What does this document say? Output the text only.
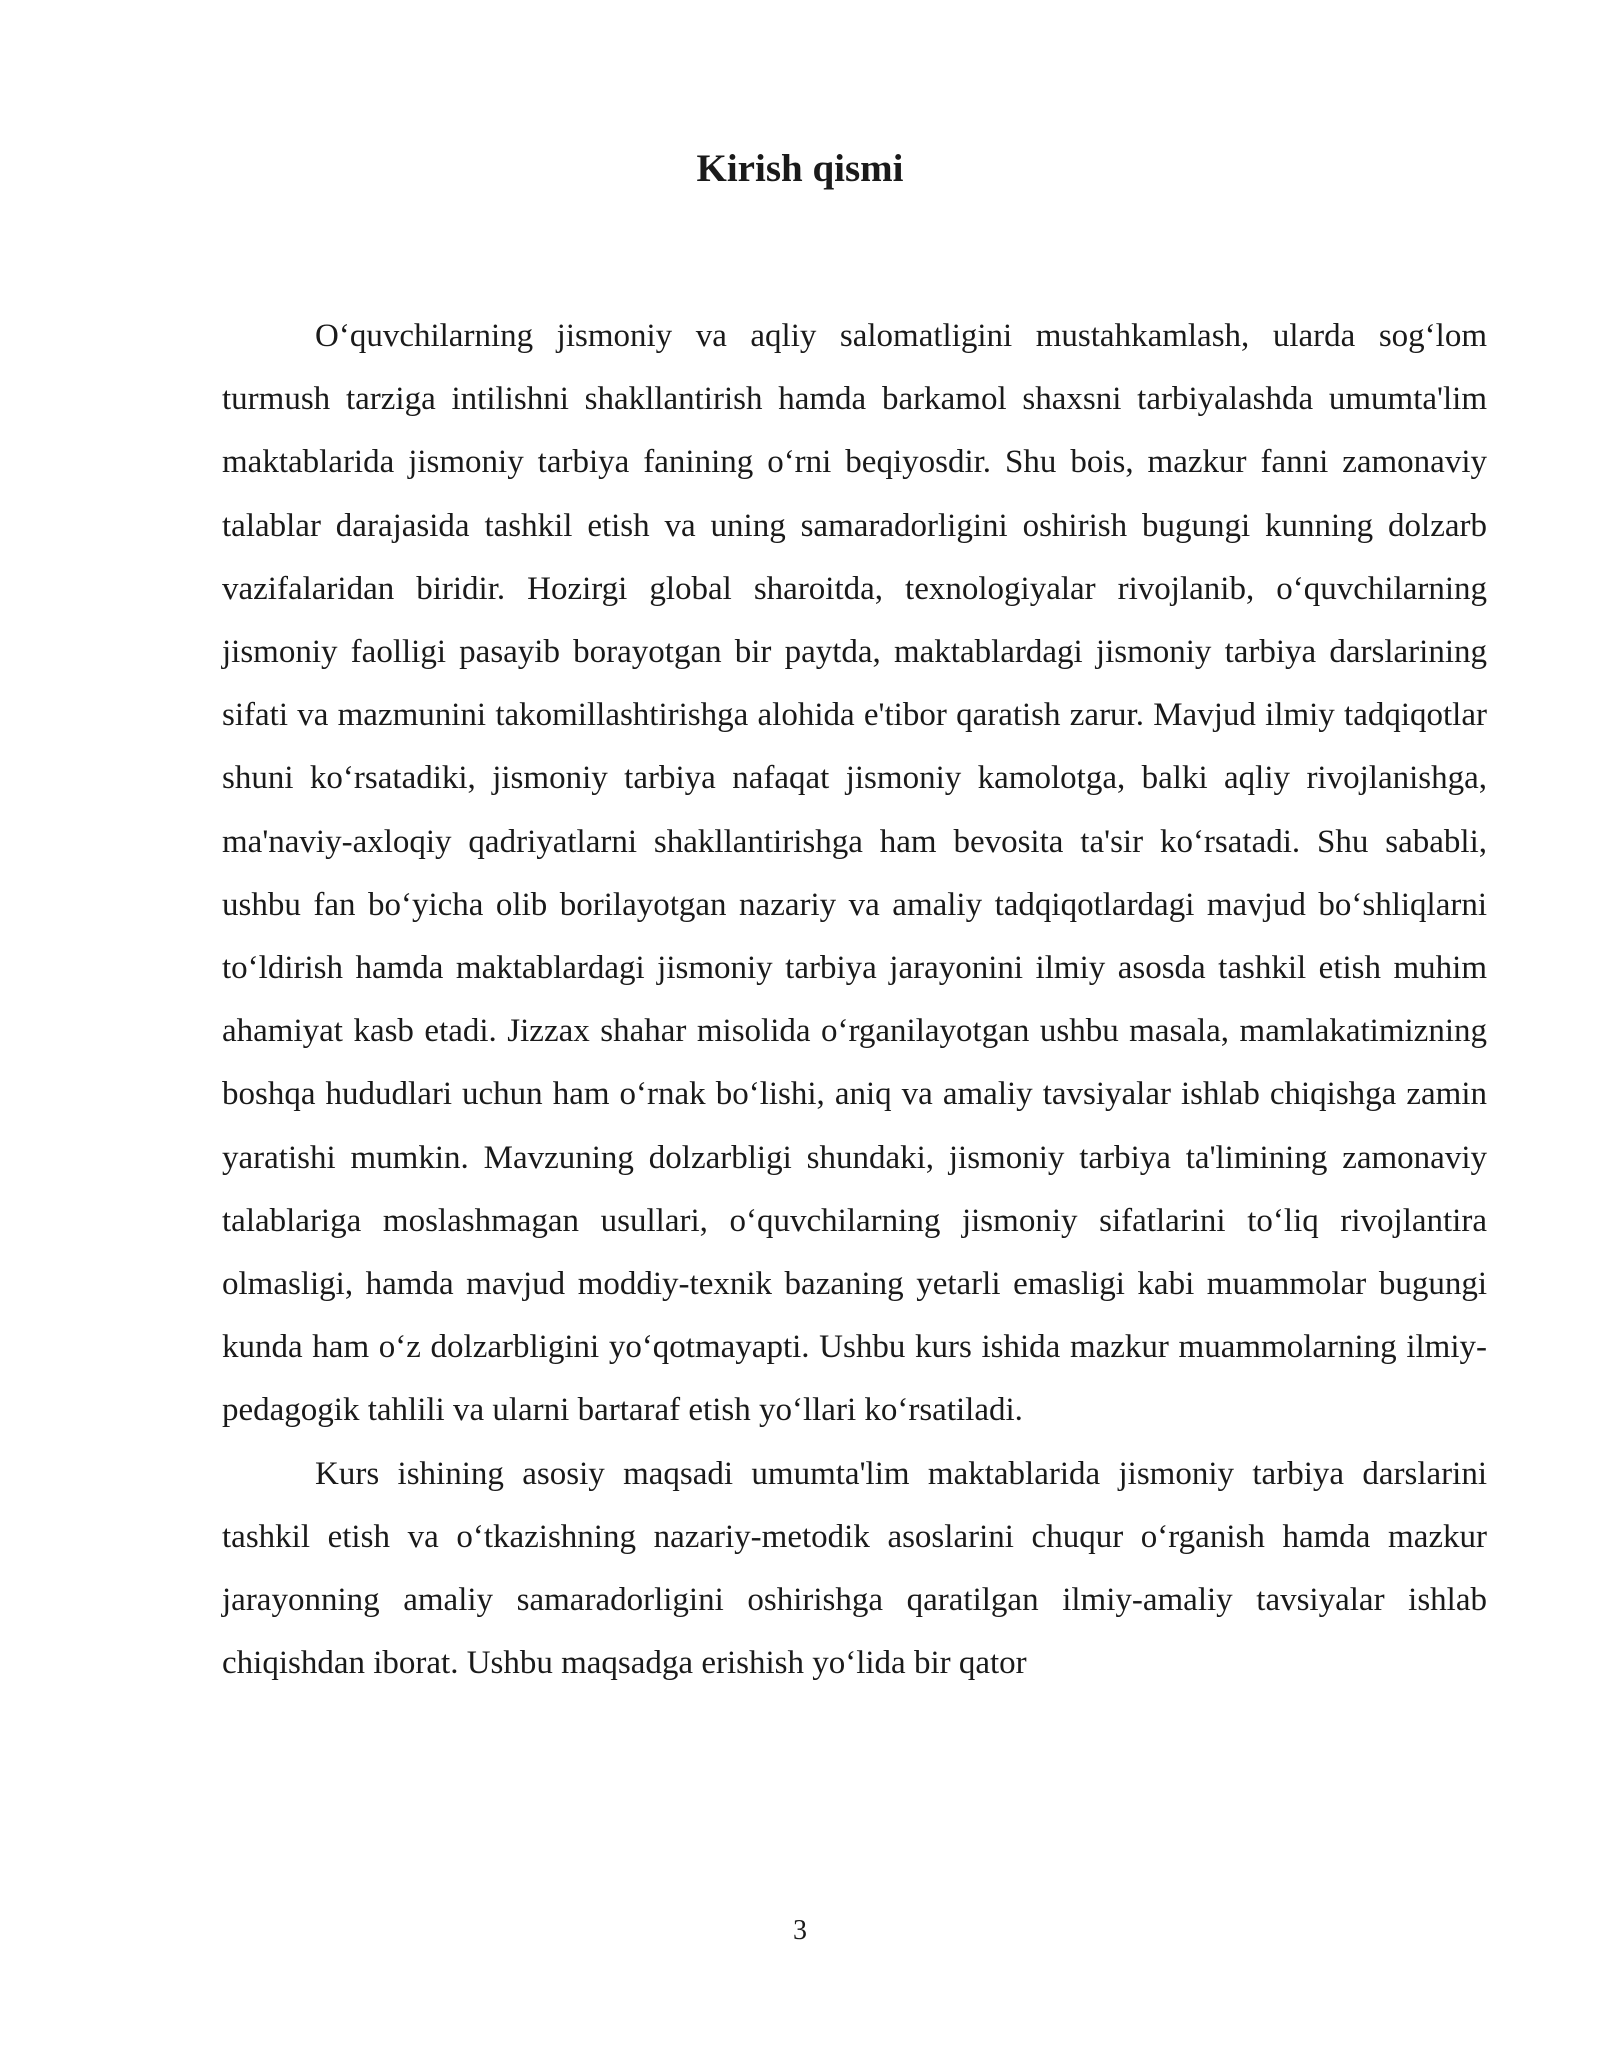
Kirish qismi

O‘quvchilarning jismoniy va aqliy salomatligini mustahkamlash, ularda sog‘lom turmush tarziga intilishni shakllantirish hamda barkamol shaxsni tarbiyalashda umumta'lim maktablarida jismoniy tarbiya fanining o‘rni beqiyosdir. Shu bois, mazkur fanni zamonaviy talablar darajasida tashkil etish va uning samaradorligini oshirish bugungi kunning dolzarb vazifalaridan biridir. Hozirgi global sharoitda, texnologiyalar rivojlanib, o‘quvchilarning jismoniy faolligi pasayib borayotgan bir paytda, maktablardagi jismoniy tarbiya darslarining sifati va mazmunini takomillashtirishga alohida e'tibor qaratish zarur. Mavjud ilmiy tadqiqotlar shuni ko‘rsatadiki, jismoniy tarbiya nafaqat jismoniy kamolotga, balki aqliy rivojlanishga, ma'naviy-axloqiy qadriyatlarni shakllantirishga ham bevosita ta'sir ko‘rsatadi. Shu sababli, ushbu fan bo‘yicha olib borilayotgan nazariy va amaliy tadqiqotlardagi mavjud bo‘shliqlarni to‘ldirish hamda maktablardagi jismoniy tarbiya jarayonini ilmiy asosda tashkil etish muhim ahamiyat kasb etadi. Jizzax shahar misolida o‘rganilayotgan ushbu masala, mamlakatimizning boshqa hududlari uchun ham o‘rnak bo‘lishi, aniq va amaliy tavsiyalar ishlab chiqishga zamin yaratishi mumkin. Mavzuning dolzarbligi shundaki, jismoniy tarbiya ta'limining zamonaviy talablariga moslashmagan usullari, o‘quvchilarning jismoniy sifatlarini to‘liq rivojlantira olmasligi, hamda mavjud moddiy-texnik bazaning yetarli emasligi kabi muammolar bugungi kunda ham o‘z dolzarbligini yo‘qotmayapti. Ushbu kurs ishida mazkur muammolarning ilmiy-pedagogik tahlili va ularni bartaraf etish yo‘llari ko‘rsatiladi.

Kurs ishining asosiy maqsadi umumta'lim maktablarida jismoniy tarbiya darslarini tashkil etish va o‘tkazishning nazariy-metodik asoslarini chuqur o‘rganish hamda mazkur jarayonning amaliy samaradorligini oshirishga qaratilgan ilmiy-amaliy tavsiyalar ishlab chiqishdan iborat. Ushbu maqsadga erishish yo‘lida bir qator

3
